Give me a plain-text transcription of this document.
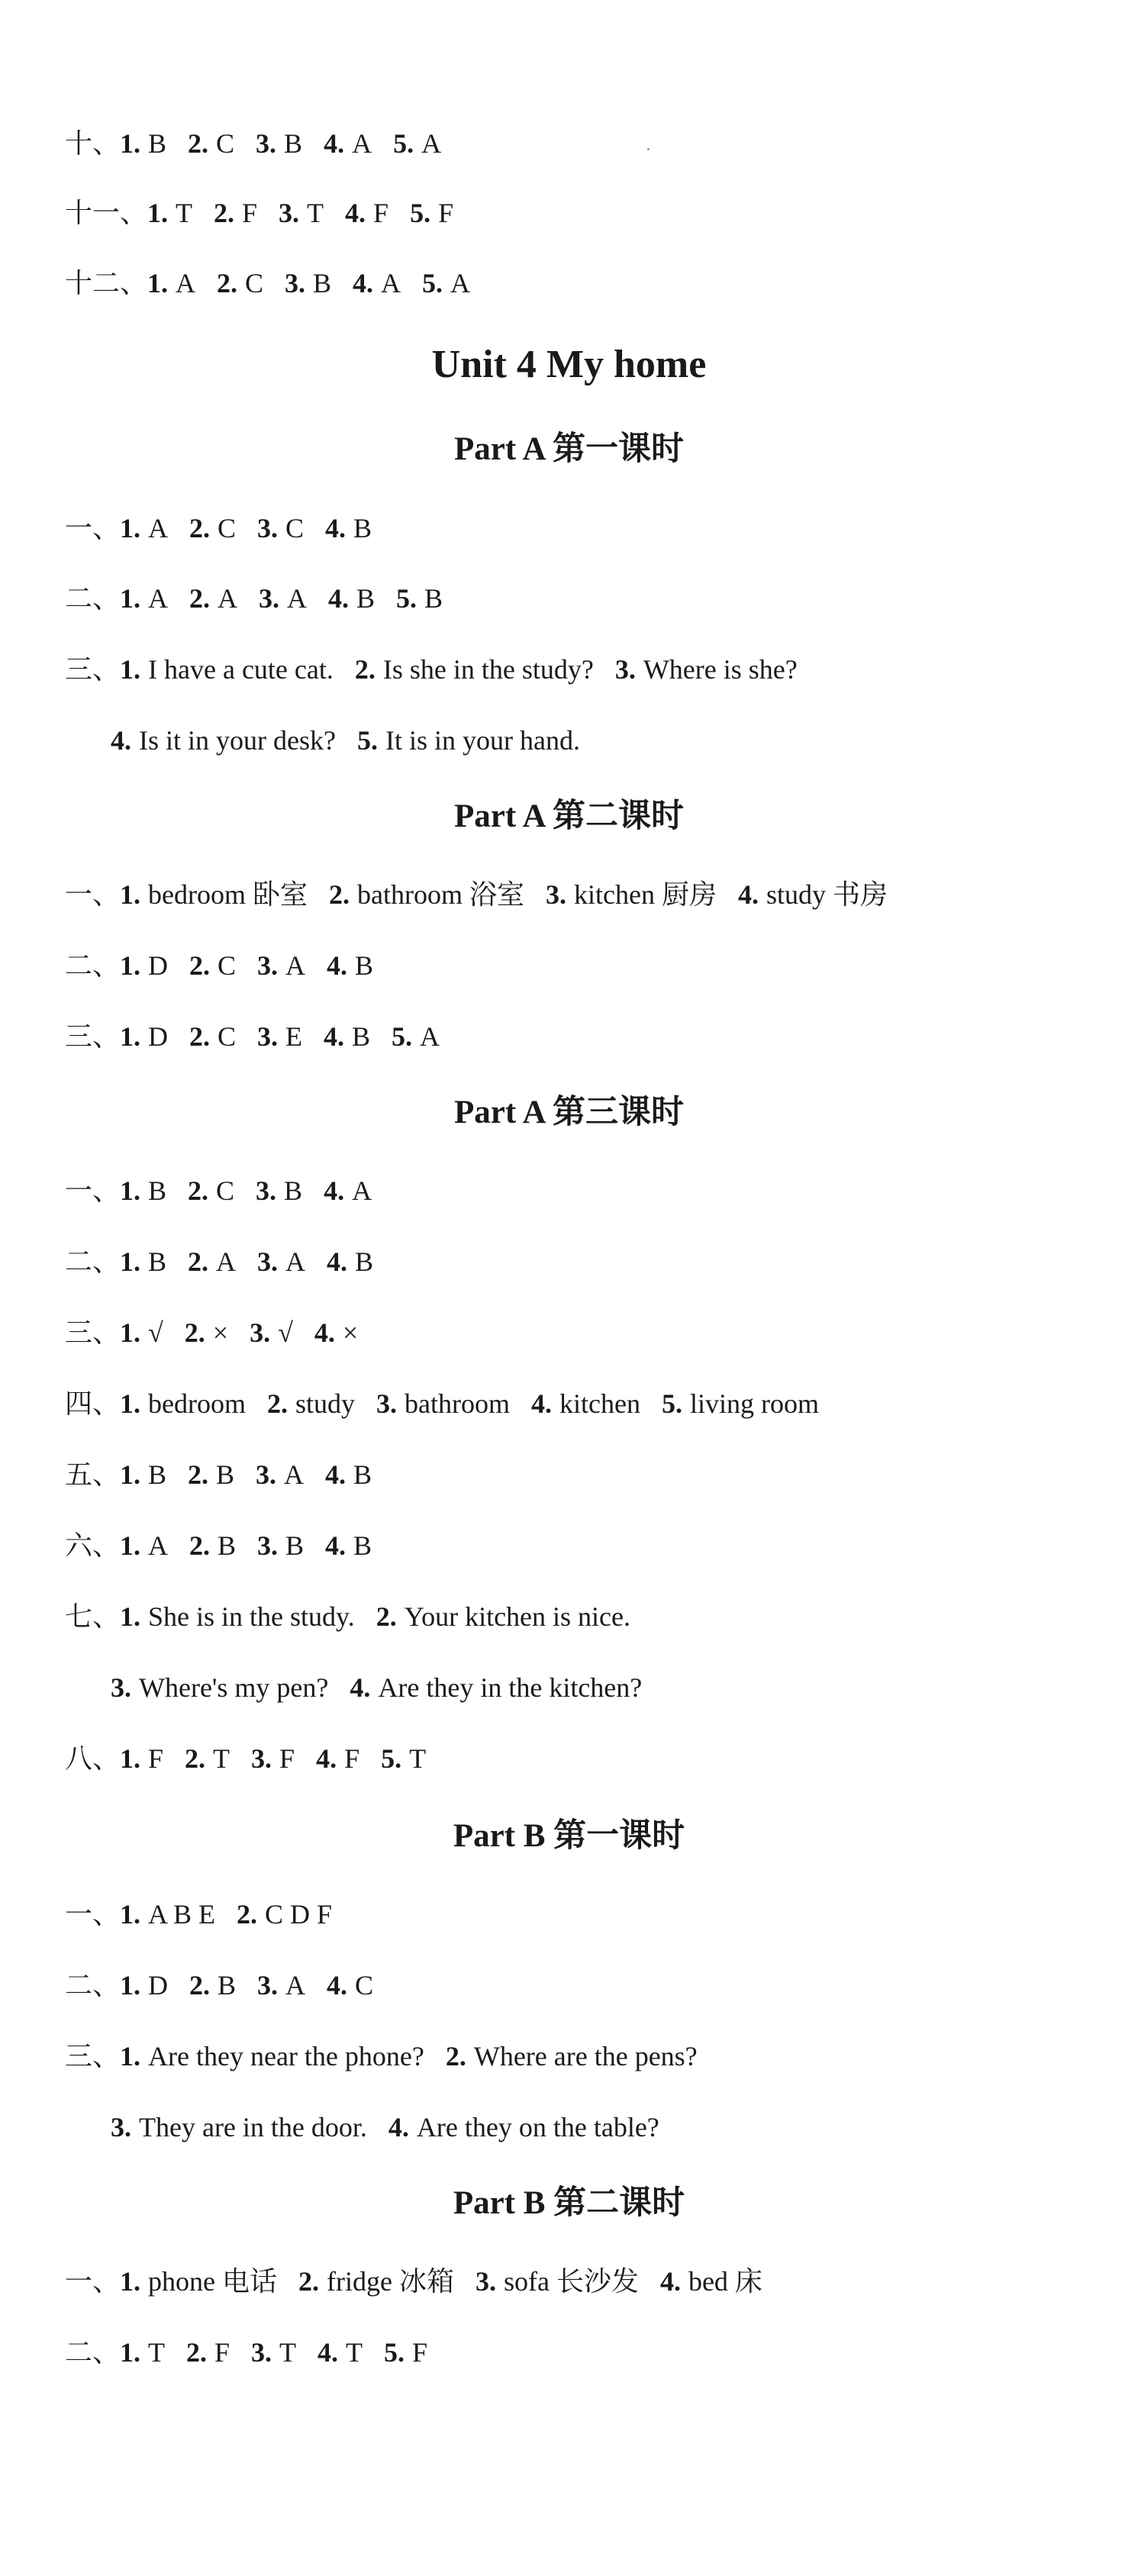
十、1. B 2. C 3. B 4. A 5. A
十一、1. T 2. F 3. T 4. F 5. F
十二、1. A 2. C 3. B 4. A 5. A
Unit 4 My home
Part A 第一课时
一、1. A 2. C 3. C 4. B
二、1. A 2. A 3. A 4. B 5. B
三、1. I have a cute cat. 2. Is she in the study? 3. Where is she?
4. Is it in your desk? 5. It is in your hand.
Part A 第二课时
一、1. bedroom 卧室 2. bathroom 浴室 3. kitchen 厨房 4. study 书房
二、1. D 2. C 3. A 4. B
三、1. D 2. C 3. E 4. B 5. A
Part A 第三课时
一、1. B 2. C 3. B 4. A
二、1. B 2. A 3. A 4. B
三、1. √ 2. × 3. √ 4. ×
四、1. bedroom 2. study 3. bathroom 4. kitchen 5. living room
五、1. B 2. B 3. A 4. B
六、1. A 2. B 3. B 4. B
七、1. She is in the study. 2. Your kitchen is nice.
3. Where's my pen? 4. Are they in the kitchen?
八、1. F 2. T 3. F 4. F 5. T
Part B 第一课时
一、1. A B E 2. C D F
二、1. D 2. B 3. A 4. C
三、1. Are they near the phone? 2. Where are the pens?
3. They are in the door. 4. Are they on the table?
Part B 第二课时
一、1. phone 电话 2. fridge 冰箱 3. sofa 长沙发 4. bed 床
二、1. T 2. F 3. T 4. T 5. F
